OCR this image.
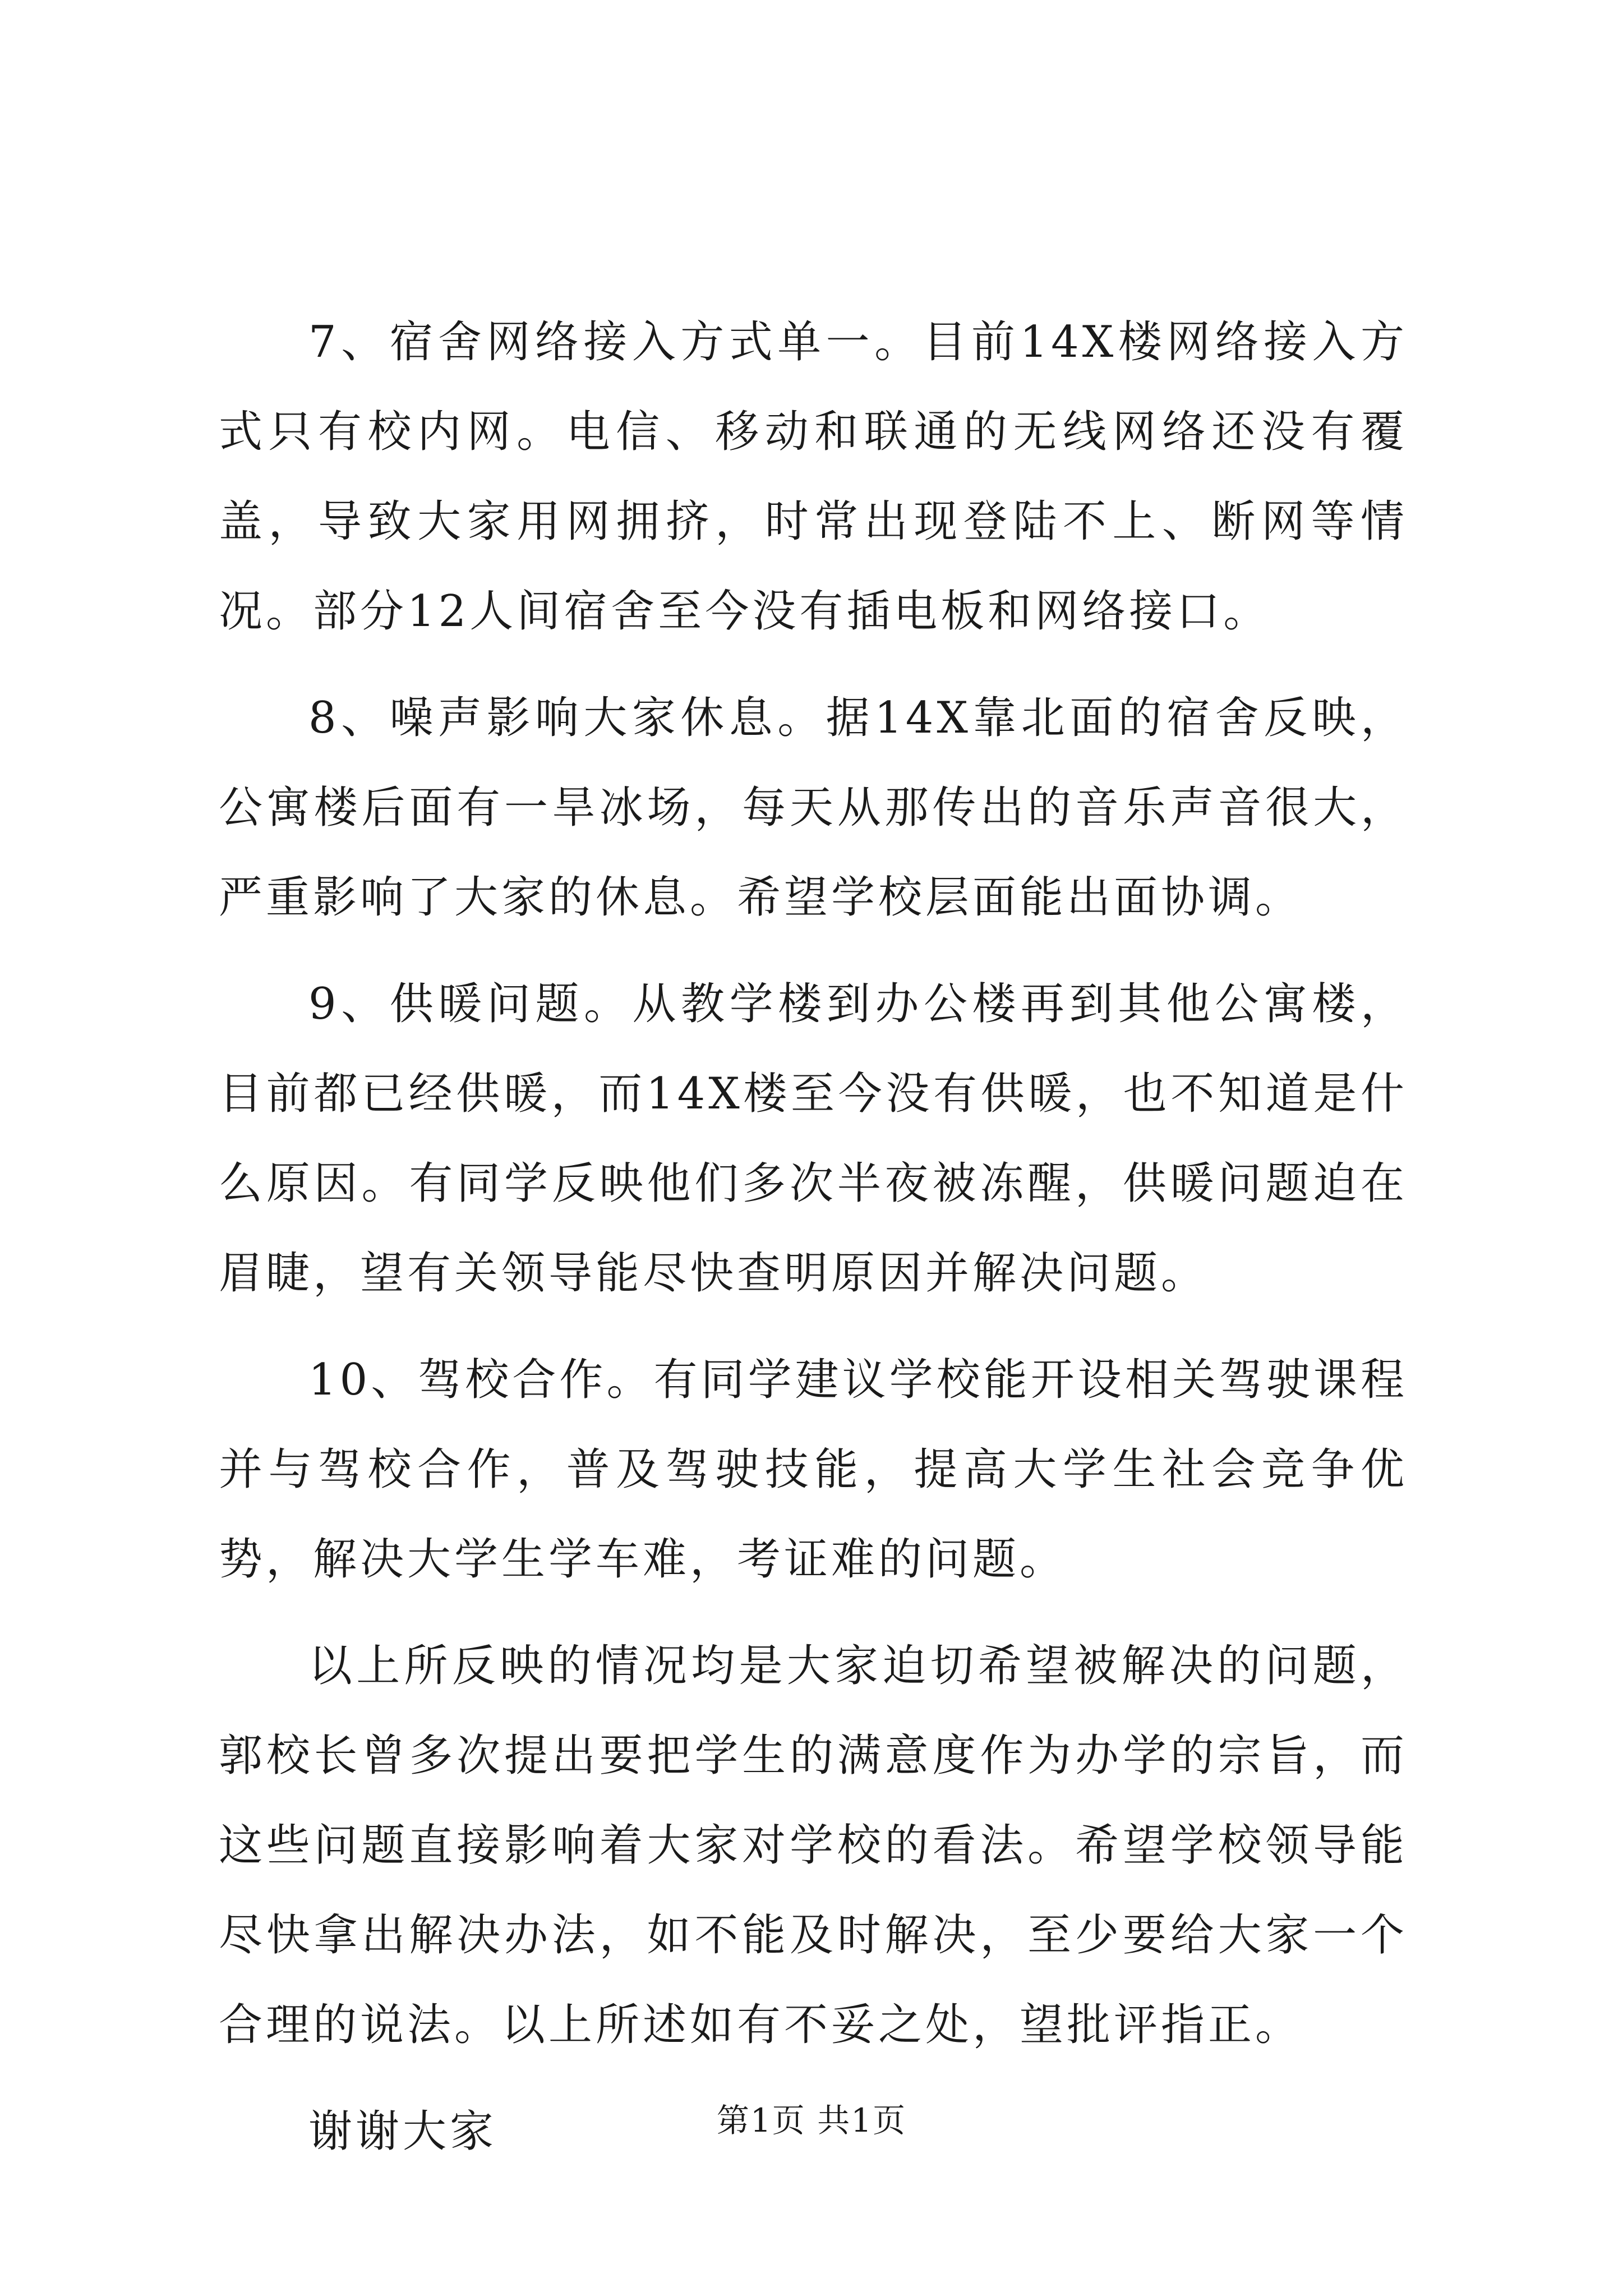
7、宿舍网络接入方式单一。目前14X楼网络接入方式只有校内网。电信、移动和联通的无线网络还没有覆盖，导致大家用网拥挤，时常出现登陆不上、断网等情况。部分12人间宿舍至今没有插电板和网络接口。

8、噪声影响大家休息。据14X靠北面的宿舍反映，公寓楼后面有一旱冰场，每天从那传出的音乐声音很大，严重影响了大家的休息。希望学校层面能出面协调。

9、供暖问题。从教学楼到办公楼再到其他公寓楼，目前都已经供暖，而14X楼至今没有供暖，也不知道是什么原因。有同学反映他们多次半夜被冻醒，供暖问题迫在眉睫，望有关领导能尽快查明原因并解决问题。

10、驾校合作。有同学建议学校能开设相关驾驶课程并与驾校合作，普及驾驶技能，提高大学生社会竞争优势，解决大学生学车难，考证难的问题。

以上所反映的情况均是大家迫切希望被解决的问题，郭校长曾多次提出要把学生的满意度作为办学的宗旨，而这些问题直接影响着大家对学校的看法。希望学校领导能尽快拿出解决办法，如不能及时解决，至少要给大家一个合理的说法。以上所述如有不妥之处，望批评指正。

谢谢大家	第1页 共1页
